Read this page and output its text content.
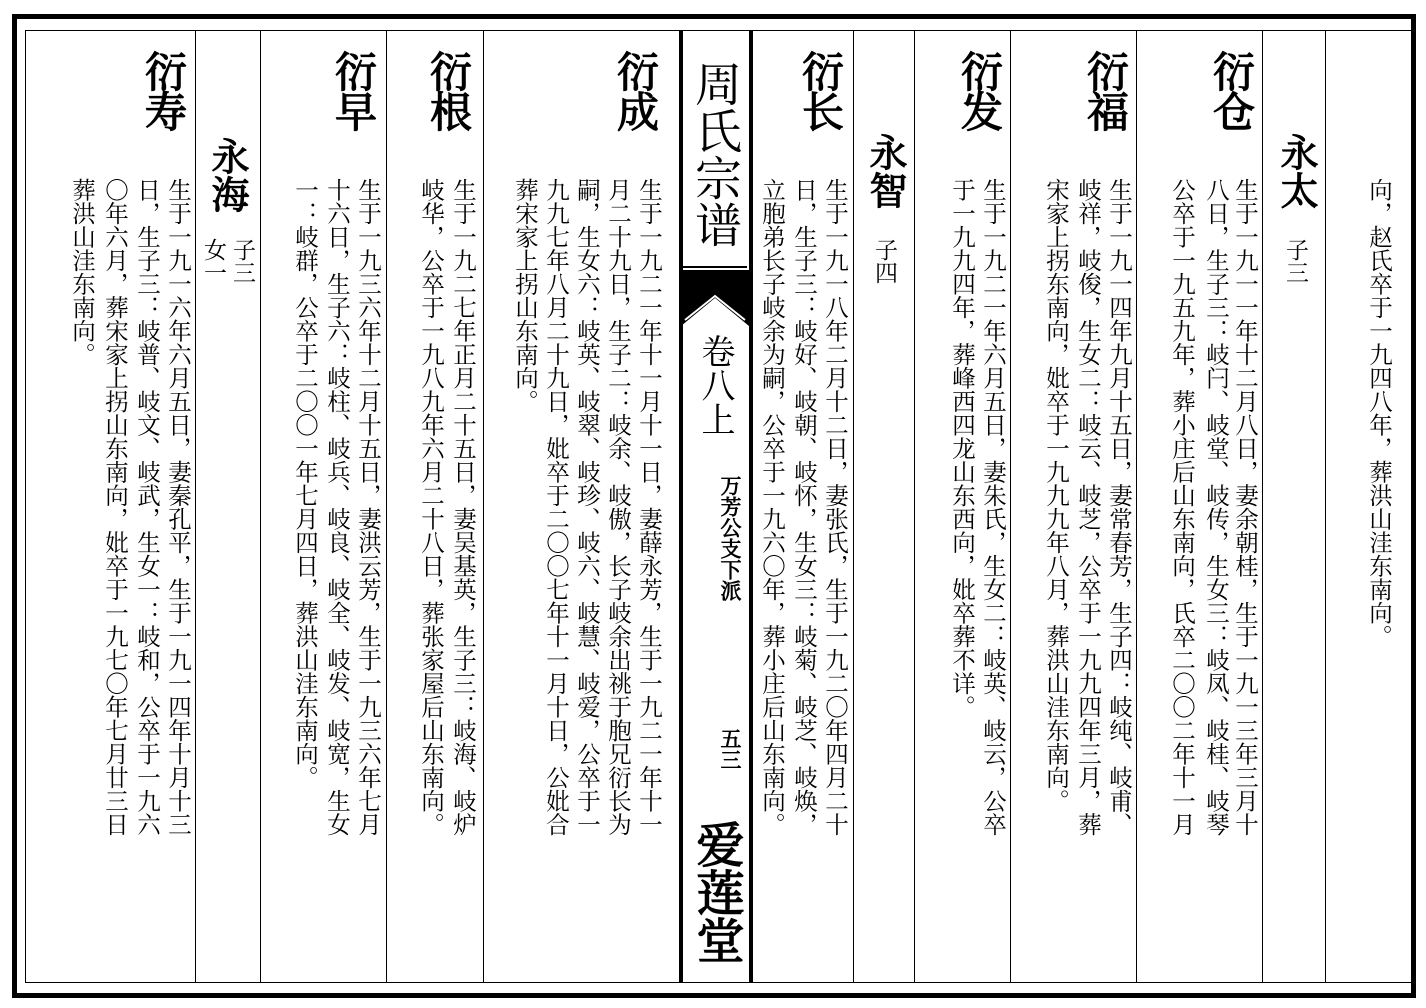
周氏宗谱
卷八上
万芳公支下派
五三
爱莲堂
向，赵氏卒于一九四八年，葬洪山洼东南向。
永太
子三
衍仓
生于一九一一年十二月八日，妻余朝桂，生于一九一三年三月十
八日，生子三：岐闩、岐堂、岐传，生女三：岐凤、岐桂、岐琴
公卒于一九五九年，葬小庄后山东南向，氏卒二〇〇二年十一月
衍福
生于一九一四年九月十五日，妻常春芳，生子四：岐纯、岐甫、
岐祥，岐俊，生女二：岐云、岐芝，公卒于一九九四年三月，葬
宋家上拐东南向，妣卒于一九九九年八月，葬洪山洼东南向。
衍发
生于一九二一年六月五日，妻朱氏，生女二：岐英、岐云，公卒
于一九九四年，葬峰西四龙山东西向，妣卒葬不详。
永智
子四
衍长
生于一九一八年二月十二日，妻张氏，生于一九二〇年四月二十
日，生子三：岐好、岐朝、岐怀，生女三：岐菊、岐芝、岐焕，
立胞弟长子岐余为嗣，公卒于一九六〇年，葬小庄后山东南向。
衍成
生于一九二一年十一月十一日，妻薛永芳，生于一九二一年十一
月二十九日，生子二：岐余、岐傲，长子岐余出祧于胞兄衍长为
嗣，生女六：岐英、岐翠、岐珍、岐六、岐慧、岐爱，公卒于一
九九七年八月二十九日，妣卒于二〇〇七年十一月十日，公妣合
葬宋家上拐山东南向。
衍根
生于一九二七年正月二十五日，妻吴基英，生子三：岐海、岐炉
岐华，公卒于一九八九年六月二十八日，葬张家屋后山东南向。
衍早
生于一九三六年十二月十五日，妻洪云芳，生于一九三六年七月
十六日，生子六：岐柱、岐兵、岐良、岐全、岐发、岐宽，生女
一：岐群，公卒于二〇〇一年七月四日，葬洪山洼东南向。
永海
子三
女一
衍寿
生于一九一六年六月五日，妻秦孔平，生于一九一四年十月十三
日，生子三：岐普、岐文、岐武，生女一：岐和，公卒于一九六
〇年六月，葬宋家上拐山东南向，妣卒于一九七〇年七月廿三日
葬洪山洼东南向。
